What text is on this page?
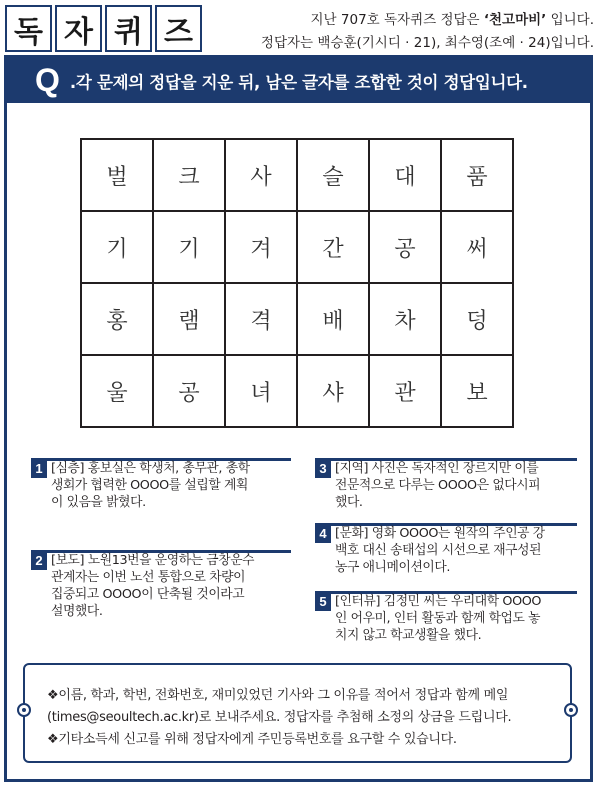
독 자 퀴 즈	지난 707호 독자퀴즈 정답은 ‘천고마비’ 입니다.
정답자는 백승훈(기시디 · 21), 최수영(조예 · 24)입니다.
Q .각 문제의 정답을 지운 뒤, 남은 글자를 조합한 것이 정답입니다.
벌	크	사	슬	대	품
기	기	겨	간	공	써
홍	램	격	배	차	덩
울	공	녀	샤	관	보
1 [심층] 홍보실은 학생처, 총무관, 총학
생회가 협력한 OOOO를 설립할 계획
이 있음을 밝혔다.
2 [보도] 노원13번을 운영하는 금창운수
관계자는 이번 노선 통합으로 차량이
집중되고 OOOO이 단축될 것이라고
설명했다.
3 [지역] 사진은 독자적인 장르지만 이를
전문적으로 다루는 OOOO은 없다시피
했다.
4 [문화] 영화 OOOO는 원작의 주인공 강
백호 대신 송태섭의 시선으로 재구성된
농구 애니메이션이다.
5 [인터뷰] 김정민 씨는 우리대학 OOOO
인 어우미, 인터 활동과 함께 학업도 놓
치지 않고 학교생활을 했다.
❖이름, 학과, 학번, 전화번호, 재미있었던 기사와 그 이유를 적어서 정답과 함께 메일
(times@seoultech.ac.kr)로 보내주세요. 정답자를 추첨해 소정의 상금을 드립니다.
❖기타소득세 신고를 위해 정답자에게 주민등록번호를 요구할 수 있습니다.
